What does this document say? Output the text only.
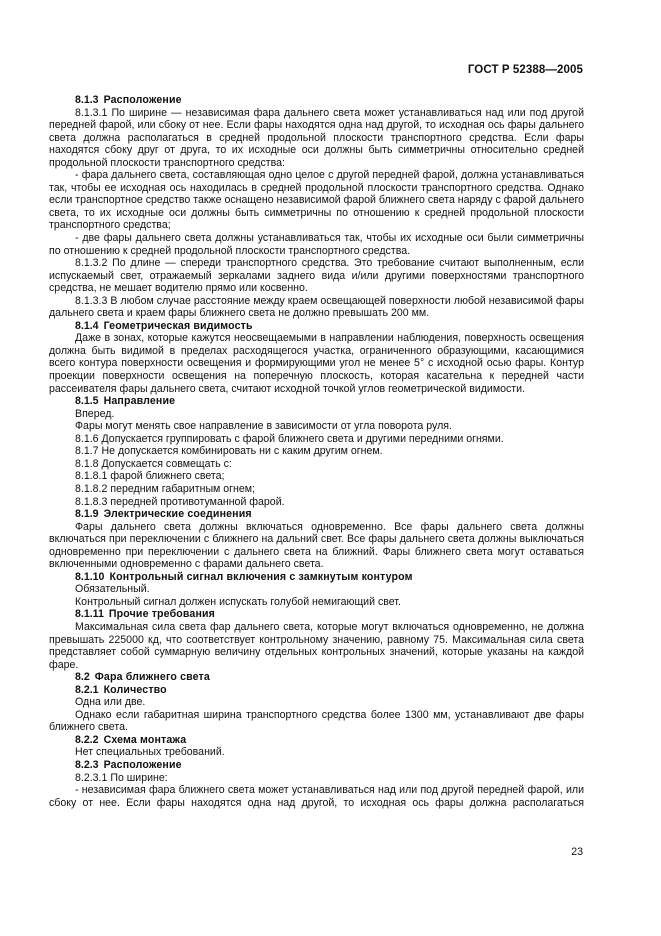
ГОСТ Р 52388—2005

8.1.3 Расположение

8.1.3.1 По ширине — независимая фара дальнего света может устанавливаться над или под другой передней фарой, или сбоку от нее. Если фары находятся одна над другой, то исходная ось фары дальнего света должна располагаться в средней продольной плоскости транспортного средства. Если фары находятся сбоку друг от друга, то их исходные оси должны быть симметричны относительно средней продольной плоскости транспортного средства:

- фара дальнего света, составляющая одно целое с другой передней фарой, должна устанавливаться так, чтобы ее исходная ось находилась в средней продольной плоскости транспортного средства. Однако если транспортное средство также оснащено независимой фарой ближнего света наряду с фарой дальнего света, то их исходные оси должны быть симметричны по отношению к средней продольной плоскости транспортного средства;

- две фары дальнего света должны устанавливаться так, чтобы их исходные оси были симметричны по отношению к средней продольной плоскости транспортного средства.

8.1.3.2 По длине — спереди транспортного средства. Это требование считают выполненным, если испускаемый свет, отражаемый зеркалами заднего вида и/или другими поверхностями транспортного средства, не мешает водителю прямо или косвенно.

8.1.3.3 В любом случае расстояние между краем освещающей поверхности любой независимой фары дальнего света и краем фары ближнего света не должно превышать 200 мм.

8.1.4 Геометрическая видимость

Даже в зонах, которые кажутся неосвещаемыми в направлении наблюдения, поверхность освещения должна быть видимой в пределах расходящегося участка, ограниченного образующими, касающимися всего контура поверхности освещения и формирующими угол не менее 5° с исходной осью фары. Контур проекции поверхности освещения на поперечную плоскость, которая касательна к передней части рассеивателя фары дальнего света, считают исходной точкой углов геометрической видимости.

8.1.5 Направление

Вперед.

Фары могут менять свое направление в зависимости от угла поворота руля.

8.1.6 Допускается группировать с фарой ближнего света и другими передними огнями.

8.1.7 Не допускается комбинировать ни с каким другим огнем.

8.1.8 Допускается совмещать с:

8.1.8.1 фарой ближнего света;

8.1.8.2 передним габаритным огнем;

8.1.8.3 передней противотуманной фарой.

8.1.9 Электрические соединения

Фары дальнего света должны включаться одновременно. Все фары дальнего света должны включаться при переключении с ближнего на дальний свет. Все фары дальнего света должны выключаться одновременно при переключении с дальнего света на ближний. Фары ближнего света могут оставаться включенными одновременно с фарами дальнего света.

8.1.10 Контрольный сигнал включения с замкнутым контуром

Обязательный.

Контрольный сигнал должен испускать голубой немигающий свет.

8.1.11 Прочие требования

Максимальная сила света фар дальнего света, которые могут включаться одновременно, не должна превышать 225000 кд, что соответствует контрольному значению, равному 75. Максимальная сила света представляет собой суммарную величину отдельных контрольных значений, которые указаны на каждой фаре.

8.2 Фара ближнего света

8.2.1 Количество

Одна или две.

Однако если габаритная ширина транспортного средства более 1300 мм, устанавливают две фары ближнего света.

8.2.2 Схема монтажа

Нет специальных требований.

8.2.3 Расположение

8.2.3.1 По ширине:

- независимая фара ближнего света может устанавливаться над или под другой передней фарой, или сбоку от нее. Если фары находятся одна над другой, то исходная ось фары должна располагаться

23
